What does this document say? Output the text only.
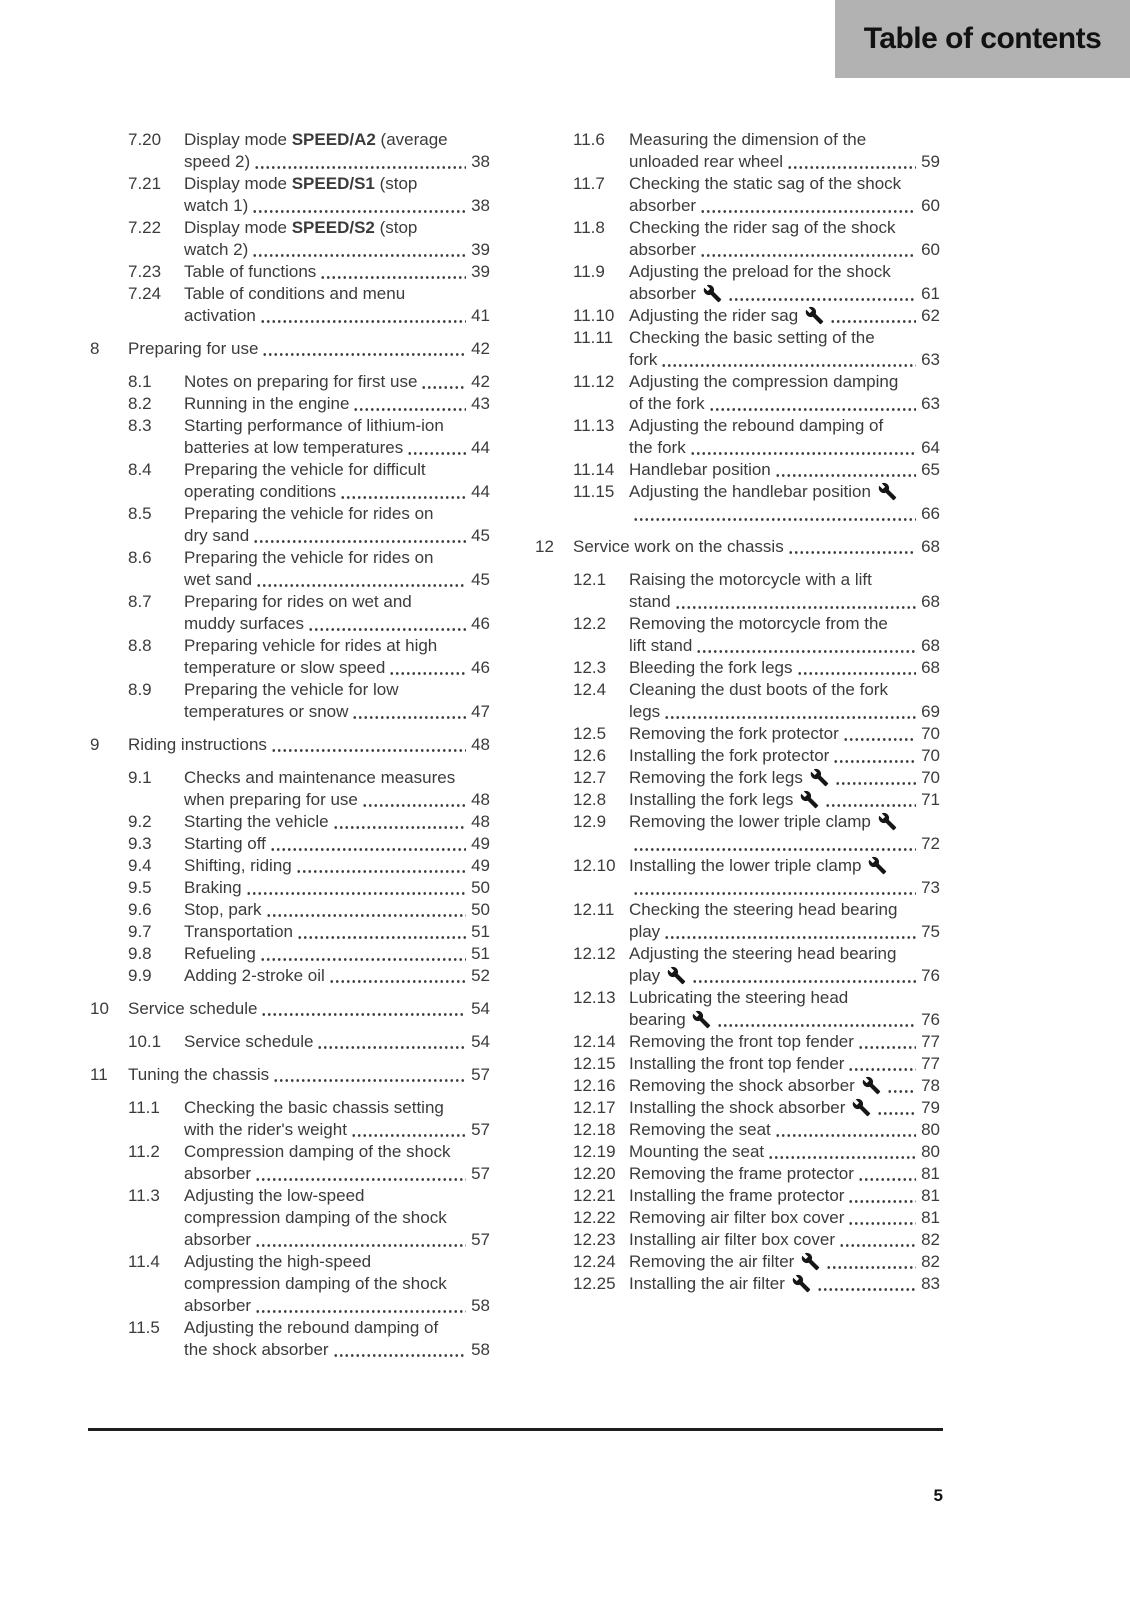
Table of contents
7.20	Display mode SPEED/A2 (average
speed 2)	38
7.21	Display mode SPEED/S1 (stop
watch 1)	38
7.22	Display mode SPEED/S2 (stop
watch 2)	39
7.23	Table of functions	39
7.24	Table of conditions and menu
activation	41
8	Preparing for use	42
8.1	Notes on preparing for first use	42
8.2	Running in the engine	43
8.3	Starting performance of lithium-ion
batteries at low temperatures	44
8.4	Preparing the vehicle for difficult
operating conditions	44
8.5	Preparing the vehicle for rides on
dry sand	45
8.6	Preparing the vehicle for rides on
wet sand	45
8.7	Preparing for rides on wet and
muddy surfaces	46
8.8	Preparing vehicle for rides at high
temperature or slow speed	46
8.9	Preparing the vehicle for low
temperatures or snow	47
9	Riding instructions	48
9.1	Checks and maintenance measures
when preparing for use	48
9.2	Starting the vehicle	48
9.3	Starting off	49
9.4	Shifting, riding	49
9.5	Braking	50
9.6	Stop, park	50
9.7	Transportation	51
9.8	Refueling	51
9.9	Adding 2-stroke oil	52
10	Service schedule	54
10.1	Service schedule	54
11	Tuning the chassis	57
11.1	Checking the basic chassis setting
with the rider's weight	57
11.2	Compression damping of the shock
absorber	57
11.3	Adjusting the low-speed
compression damping of the shock
absorber	57
11.4	Adjusting the high-speed
compression damping of the shock
absorber	58
11.5	Adjusting the rebound damping of
the shock absorber	58
11.6	Measuring the dimension of the
unloaded rear wheel	59
11.7	Checking the static sag of the shock
absorber	60
11.8	Checking the rider sag of the shock
absorber	60
11.9	Adjusting the preload for the shock
absorber	61
11.10 Adjusting the rider sag	62
11.11 Checking the basic setting of the
fork	63
11.12 Adjusting the compression damping
of the fork	63
11.13 Adjusting the rebound damping of
the fork	64
11.14 Handlebar position	65
11.15 Adjusting the handlebar position
66
12	Service work on the chassis	68
12.1	Raising the motorcycle with a lift
stand	68
12.2	Removing the motorcycle from the
lift stand	68
12.3	Bleeding the fork legs	68
12.4	Cleaning the dust boots of the fork
legs	69
12.5	Removing the fork protector	70
12.6	Installing the fork protector	70
12.7	Removing the fork legs	70
12.8	Installing the fork legs	71
12.9	Removing the lower triple clamp
72
12.10 Installing the lower triple clamp
73
12.11 Checking the steering head bearing
play	75
12.12 Adjusting the steering head bearing
play	76
12.13 Lubricating the steering head
bearing	76
12.14 Removing the front top fender	77
12.15 Installing the front top fender	77
12.16 Removing the shock absorber	78
12.17 Installing the shock absorber	79
12.18 Removing the seat	80
12.19 Mounting the seat	80
12.20 Removing the frame protector	81
12.21 Installing the frame protector	81
12.22 Removing air filter box cover	81
12.23 Installing air filter box cover	82
12.24 Removing the air filter	82
12.25 Installing the air filter	83
5
